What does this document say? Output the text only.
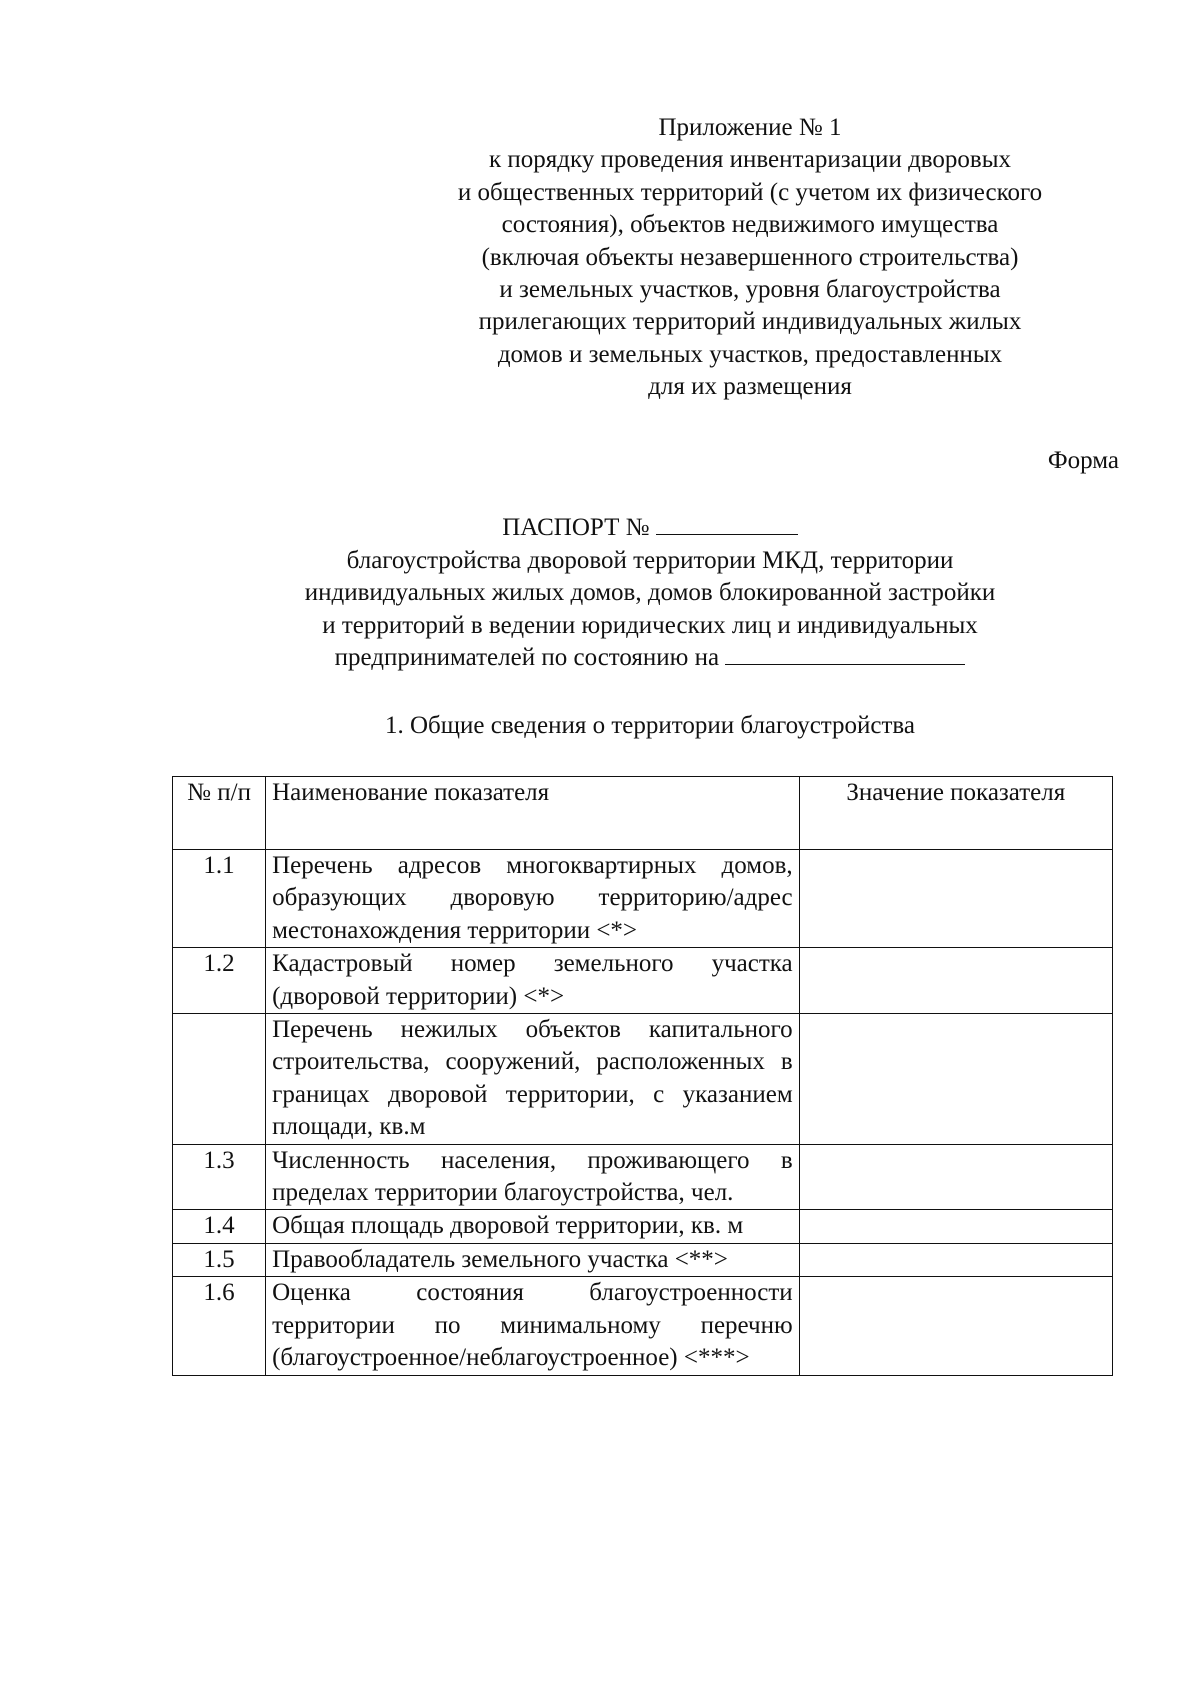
Приложение № 1
к порядку проведения инвентаризации дворовых
и общественных территорий (с учетом их физического
состояния), объектов недвижимого имущества
(включая объекты незавершенного строительства)
и земельных участков, уровня благоустройства
прилегающих территорий индивидуальных жилых
домов и земельных участков, предоставленных
для их размещения
Форма
ПАСПОРТ №
благоустройства дворовой территории МКД, территории
индивидуальных жилых домов, домов блокированной застройки
и территорий в ведении юридических лиц и индивидуальных
предпринимателей по состоянию на
1. Общие сведения о территории благоустройства
№ п/п	Наименование показателя	Значение показателя
1.1	Перечень адресов многоквартирных домов, образующих дворовую территорию/адрес местонахождения территории <*>	
1.2	Кадастровый номер земельного участка (дворовой территории) <*>	
	Перечень нежилых объектов капитального строительства, сооружений, расположенных в границах дворовой территории, с указанием площади, кв.м	
1.3	Численность населения, проживающего в пределах территории благоустройства, чел.	
1.4	Общая площадь дворовой территории, кв. м	
1.5	Правообладатель земельного участка <**>	
1.6	Оценка состояния благоустроенности территории по минимальному перечню (благоустроенное/неблагоустроенное) <***>	
